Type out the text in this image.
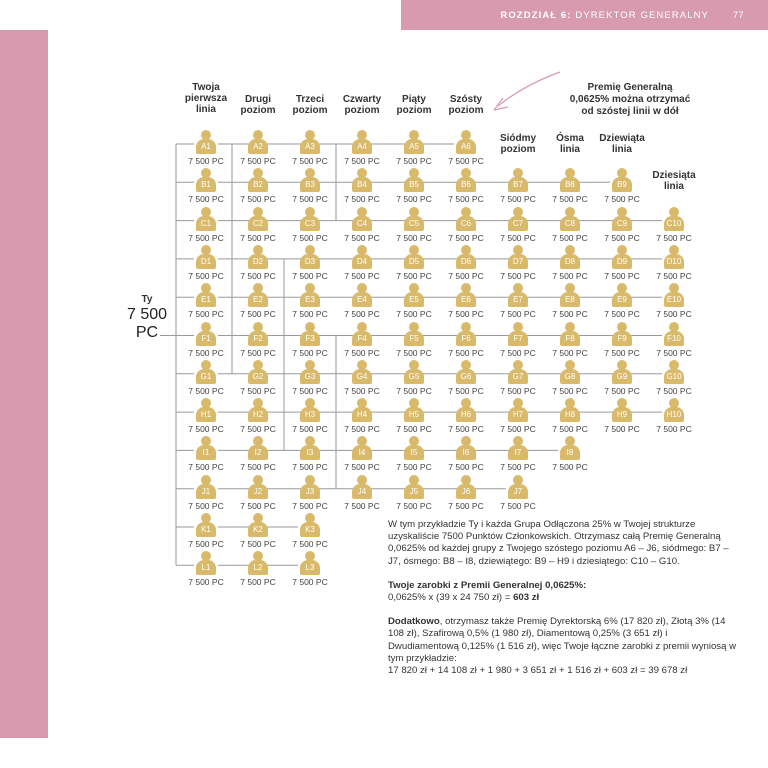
ROZDZIAŁ 6:
DYREKTOR GENERALNY	77
Twoja
pierwsza
linia
Drugi
poziom
Trzeci
poziom
Czwarty
poziom
Piąty
poziom
Szósty
poziom
Siódmy
poziom
Ósma
linia
Dziewiąta
linia
Dziesiąta
linia
Ty
7 500 PC
A1
7 500 PC
B1
7 500 PC
C1
7 500 PC
D1
7 500 PC
E1
7 500 PC
F1
7 500 PC
G1
7 500 PC
H1
7 500 PC
I1
7 500 PC
J1
7 500 PC
K1
7 500 PC
L1
7 500 PC
A2
7 500 PC
B2
7 500 PC
C2
7 500 PC
D2
7 500 PC
E2
7 500 PC
F2
7 500 PC
G2
7 500 PC
H2
7 500 PC
I2
7 500 PC
J2
7 500 PC
K2
7 500 PC
L2
7 500 PC
A3
7 500 PC
B3
7 500 PC
C3
7 500 PC
D3
7 500 PC
E3
7 500 PC
F3
7 500 PC
G3
7 500 PC
H3
7 500 PC
I3
7 500 PC
J3
7 500 PC
K3
7 500 PC
L3
7 500 PC
A4
7 500 PC
B4
7 500 PC
C4
7 500 PC
D4
7 500 PC
E4
7 500 PC
F4
7 500 PC
G4
7 500 PC
H4
7 500 PC
I4
7 500 PC
J4
7 500 PC
A5
7 500 PC
B5
7 500 PC
C5
7 500 PC
D5
7 500 PC
E5
7 500 PC
F5
7 500 PC
G5
7 500 PC
H5
7 500 PC
I5
7 500 PC
J5
7 500 PC
A6
7 500 PC
B6
7 500 PC
C6
7 500 PC
D6
7 500 PC
E6
7 500 PC
F6
7 500 PC
G6
7 500 PC
H6
7 500 PC
I6
7 500 PC
J6
7 500 PC
B7
7 500 PC
C7
7 500 PC
D7
7 500 PC
E7
7 500 PC
F7
7 500 PC
G7
7 500 PC
H7
7 500 PC
I7
7 500 PC
J7
7 500 PC
B8
7 500 PC
C8
7 500 PC
D8
7 500 PC
E8
7 500 PC
F8
7 500 PC
G8
7 500 PC
H8
7 500 PC
I8
7 500 PC
B9
7 500 PC
C9
7 500 PC
D9
7 500 PC
E9
7 500 PC
F9
7 500 PC
G9
7 500 PC
H9
7 500 PC
C10
7 500 PC
D10
7 500 PC
E10
7 500 PC
F10
7 500 PC
G10
7 500 PC
H10
7 500 PC
Premię Generalną
0,0625% można otrzymać
od szóstej linii w dół

W tym przykładzie Ty i każda Grupa Odłączona 25% w Twojej strukturze uzyskaliście 7500 Punktów Członkowskich. Otrzymasz całą Premię Generalną 0,0625% od każdej grupy z Twojego szóstego poziomu A6 – J6, siódmego: B7 – J7, ósmego: B8 – I8, dziewiątego: B9 – H9 i dziesiątego: C10 – G10.

Twoje zarobki z Premii Generalnej 0,0625%:
0,0625% x (39 x 24 750 zł) = 603 zł

Dodatkowo, otrzymasz także Premię Dyrektorską 6% (17 820 zł), Złotą 3% (14 108 zł), Szafirową 0,5% (1 980 zł), Diamentową 0,25% (3 651 zł) i Dwudiamentową 0,125% (1 516 zł), więc Twoje łączne zarobki z premii wyniosą w tym przykładzie:
17 820 zł + 14 108 zł + 1 980 + 3 651 zł + 1 516 zł + 603 zł = 39 678 zł
